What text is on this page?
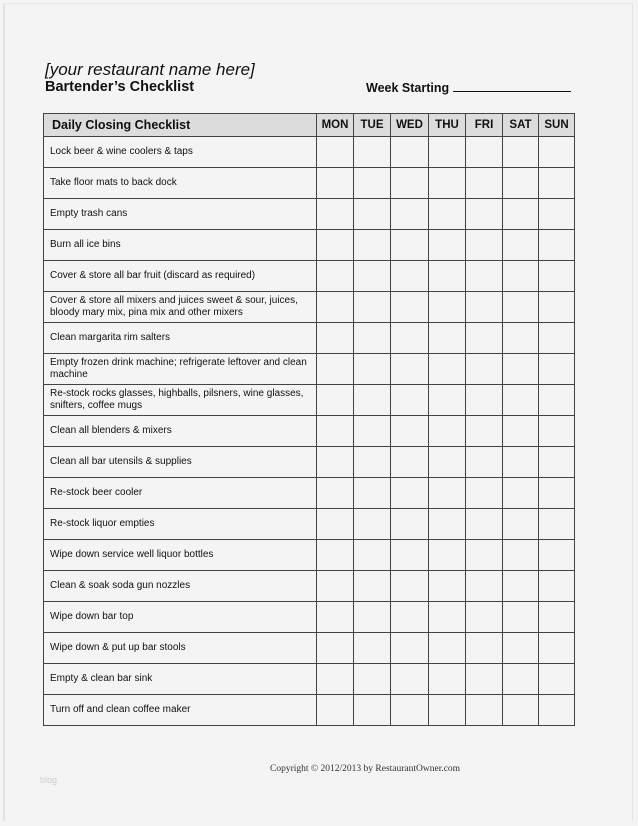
[your restaurant name here]
Bartender’s Checklist	Week Starting
Daily Closing Checklist	MON	TUE	WED	THU	FRI	SAT	SUN
Lock beer & wine coolers & taps							
Take floor mats to back dock							
Empty trash cans							
Burn all ice bins							
Cover & store all bar fruit (discard as required)							
Cover & store all mixers and juices sweet & sour, juices, bloody mary mix, pina mix and other mixers							
Clean margarita rim salters							
Empty frozen drink machine; refrigerate leftover and clean machine							
Re-stock rocks glasses, highballs, pilsners, wine glasses, snifters, coffee mugs							
Clean all blenders & mixers							
Clean all bar utensils & supplies							
Re-stock beer cooler							
Re-stock liquor empties							
Wipe down service well liquor bottles							
Clean & soak soda gun nozzles							
Wipe down bar top							
Wipe down & put up bar stools							
Empty & clean bar sink							
Turn off and clean coffee maker							
Copyright © 2012/2013 by RestaurantOwner.com
blog
